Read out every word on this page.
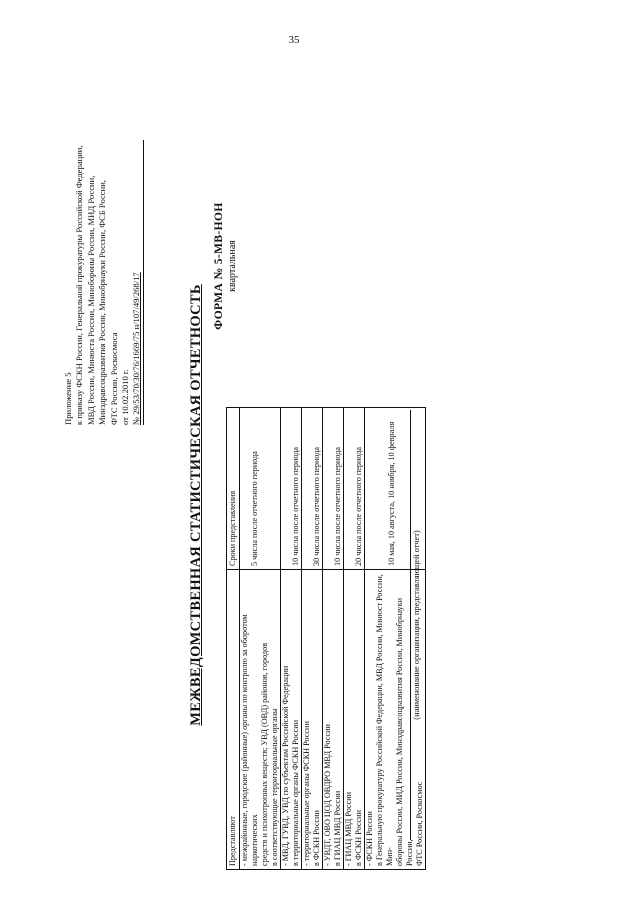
35
Приложение 5 к приказу ФСКН России, Генеральной прокуратуры Российской Федерации, МВД России, Минюста России, Минобороны России, МИД России, Минздравсоцразвития России, Минобрнауки России, ФСБ России, ФТС России, Роскосмоса от 10.02.2010 г. № 29/53/70/30/76/1669/75 н/107/49/268/17	МЕЖВЕДОМСТВЕННАЯ СТАТИСТИЧЕСКАЯ ОТЧЕТНОСТЬ
ФОРМА № 5-МВ-НОН квартальная
Представляют	Сроки представления

- межрайонные, городские (районные) органы по контролю за оборотом наркотических средств и психотропных веществ; УВД (ОВД) районов, городов в соответствующие территориальные органы	5 числа после отчетного периода

- МВД, ГУВД, УВД по субъектам Российской Федерации в территориальные органы ФСКН России	10 числа после отчетного периода

- территориальные органы ФСКН России в ФСКН России	30 числа после отчетного периода

- УВДТ, ОВО ЦОД ОВДРО МВД России в ГИАЦ МВД России	10 числа после отчетного периода

- ГИАЦ МВД России в ФСКН России	20 числа после отчетного периода

- ФСКН России в Генеральную прокуратуру Российской Федерации, МВД России, Минюст России, Мин- обороны России, МИД России, Минздравсоцразвития России, Минобрнауки России, ФТС России, Роскосмос	10 мая, 10 августа, 10 ноября, 10 февраля
(наименование организации, представляющей отчет)
